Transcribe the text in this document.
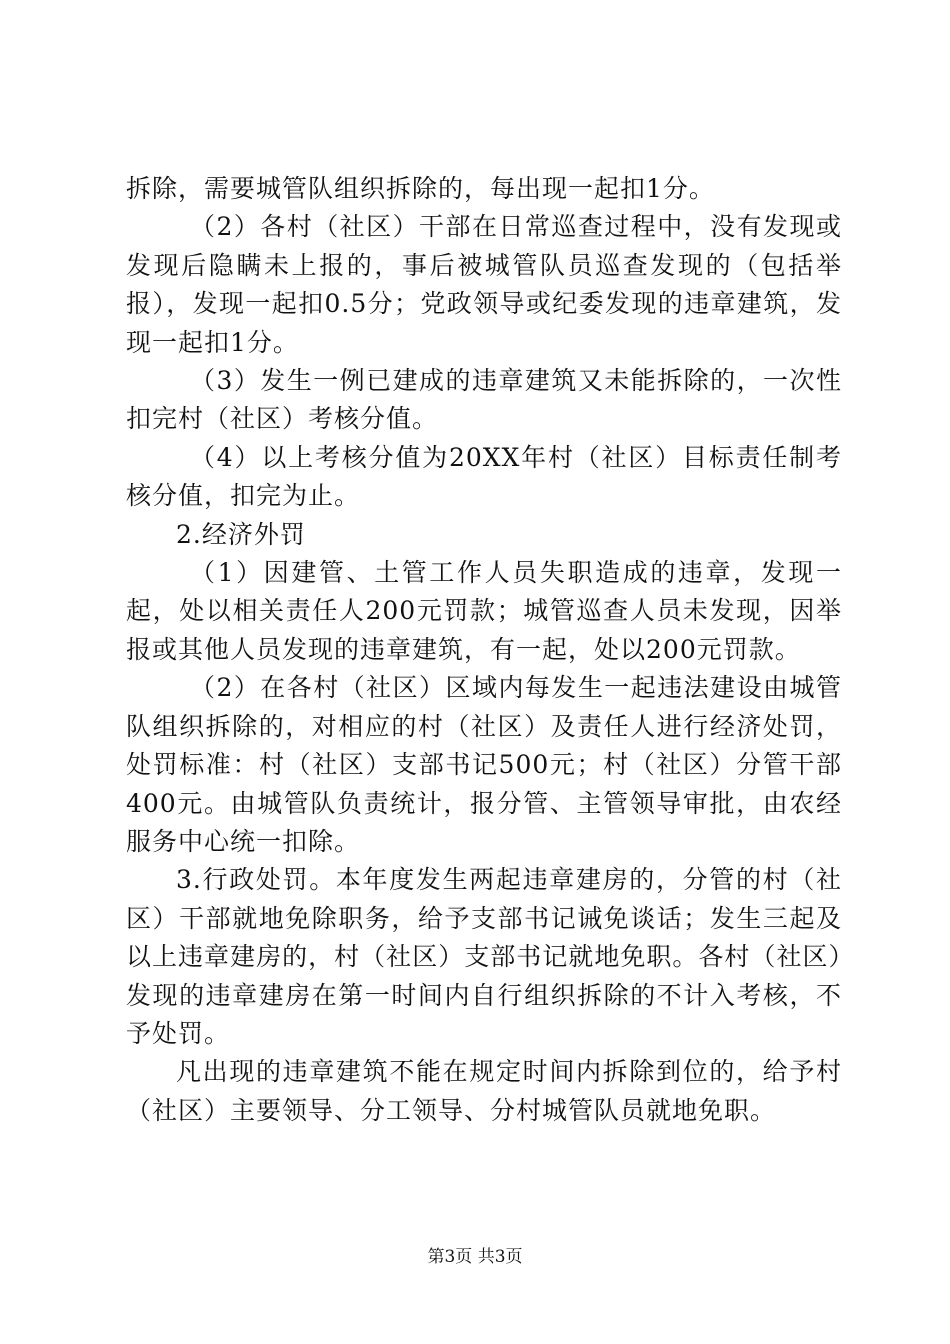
拆除，需要城管队组织拆除的，每出现一起扣1分。

（2）各村（社区）干部在日常巡查过程中，没有发现或发现后隐瞒未上报的，事后被城管队员巡查发现的（包括举报），发现一起扣0.5分；党政领导或纪委发现的违章建筑，发现一起扣1分。

（3）发生一例已建成的违章建筑又未能拆除的，一次性扣完村（社区）考核分值。

（4）以上考核分值为20XX年村（社区）目标责任制考核分值，扣完为止。

2.经济外罚

（1）因建管、土管工作人员失职造成的违章，发现一起，处以相关责任人200元罚款；城管巡查人员未发现，因举报或其他人员发现的违章建筑，有一起，处以200元罚款。

（2）在各村（社区）区域内每发生一起违法建设由城管队组织拆除的，对相应的村（社区）及责任人进行经济处罚，处罚标准：村（社区）支部书记500元；村（社区）分管干部400元。由城管队负责统计，报分管、主管领导审批，由农经服务中心统一扣除。

3.行政处罚。本年度发生两起违章建房的，分管的村（社区）干部就地免除职务，给予支部书记诫免谈话；发生三起及以上违章建房的，村（社区）支部书记就地免职。各村（社区）发现的违章建房在第一时间内自行组织拆除的不计入考核，不予处罚。

凡出现的违章建筑不能在规定时间内拆除到位的，给予村（社区）主要领导、分工领导、分村城管队员就地免职。

第3页 共3页
